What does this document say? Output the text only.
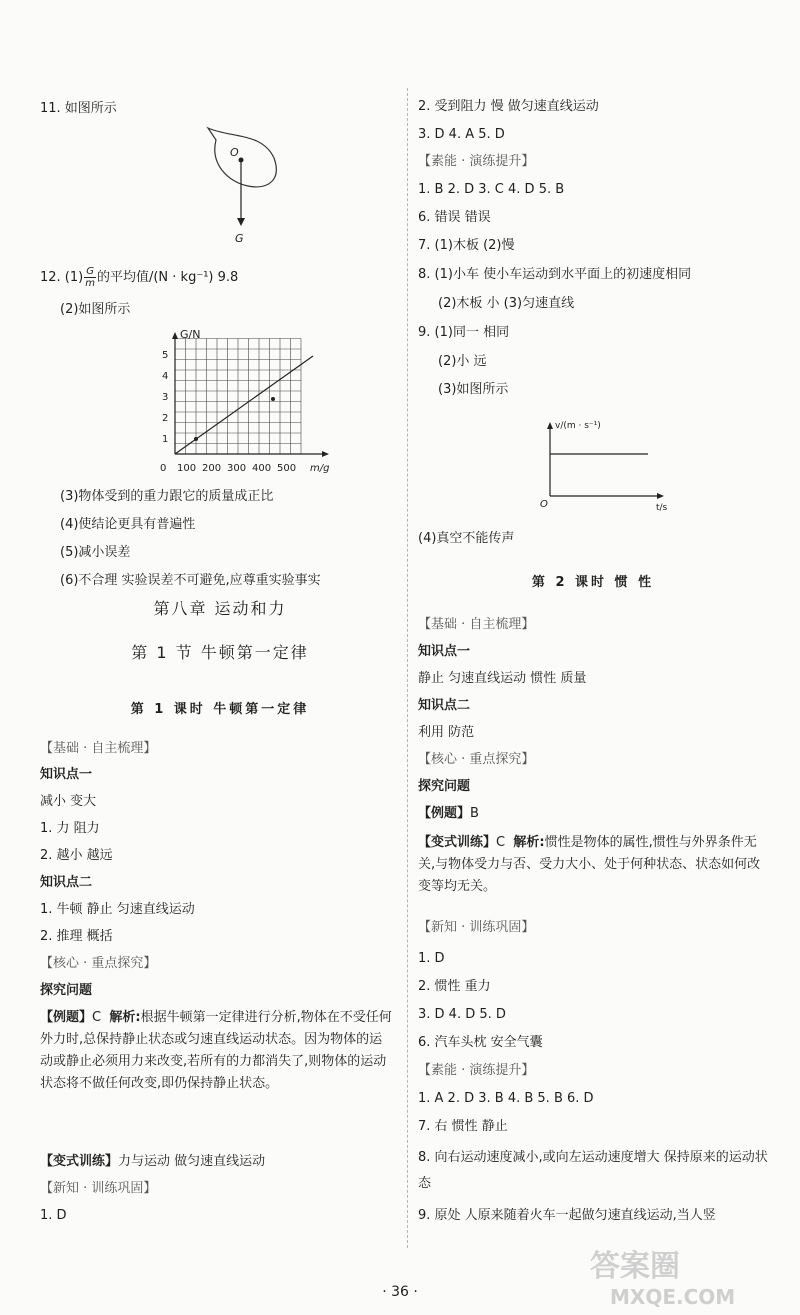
11. 如图所示
O
G
12. $(1) \frac{G}{m}$ 的平均值/(N · kg⁻¹) 9.8
(2)如图所示
G/N
1
2
3
4
5
0 100 200 300 400 500 m/g
(3)物体受到的重力跟它的质量成正比
(4)使结论更具有普遍性
(5)减小误差
(6)不合理 实验误差不可避免,应尊重实验事实
第八章 运动和力
第 1 节 牛顿第一定律
第 1 课时 牛顿第一定律
【基础 · 自主梳理】
知识点一
减小 变大
1. 力 阻力
2. 越小 越远
知识点二
1. 牛顿 静止 匀速直线运动
2. 推理 概括
【核心 · 重点探究】
探究问题
【例题】C 解析:根据牛顿第一定律进行分析,物体在不受任何外力时,总保持静止状态或匀速直线运动状态。因为物体的运动或静止必须用力来改变,若所有的力都消失了,则物体的运动状态将不做任何改变,即仍保持静止状态。
【变式训练】力与运动 做匀速直线运动
【新知 · 训练巩固】
1. D
2. 受到阻力 慢 做匀速直线运动
3. D 4. A 5. D
【素能 · 演练提升】
1. B 2. D 3. C 4. D 5. B
6. 错误 错误
7. (1)木板 (2)慢
8. (1)小车 使小车运动到水平面上的初速度相同
(2)木板 小 (3)匀速直线
9. (1)同一 相同
(2)小 远
(3)如图所示
v/(m · s⁻¹)
O	t/s
(4)真空不能传声
第 2 课时 惯 性
【基础 · 自主梳理】
知识点一
静止 匀速直线运动 惯性 质量
知识点二
利用 防范
【核心 · 重点探究】
探究问题
【例题】B
【变式训练】C 解析:惯性是物体的属性,惯性与外界条件无关,与物体受力与否、受力大小、处于何种状态、状态如何改变等均无关。
【新知 · 训练巩固】
1. D
2. 惯性 重力
3. D 4. D 5. D
6. 汽车头枕 安全气囊
【素能 · 演练提升】
1. A 2. D 3. B 4. B 5. B 6. D
7. 右 惯性 静止
8. 向右运动速度减小,或向左运动速度增大 保持原来的运动状态
9. 原处 人原来随着火车一起做匀速直线运动,当人竖
· 36 ·
答案圈
MXQE.COM
